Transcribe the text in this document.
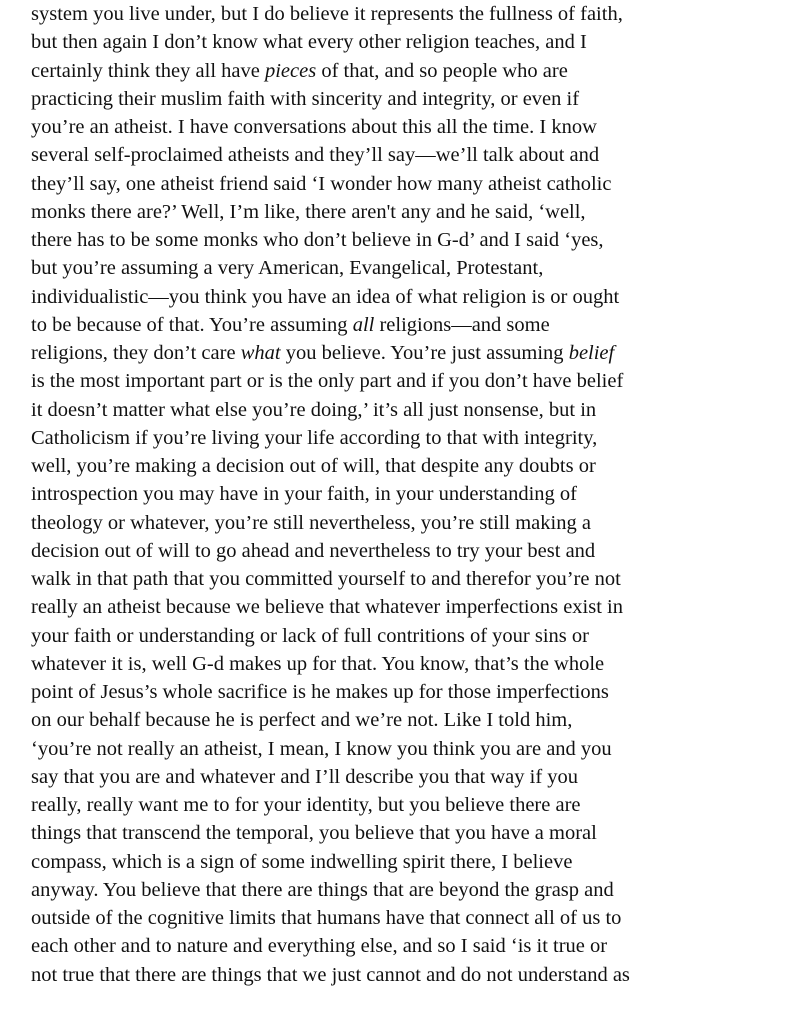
system you live under, but I do believe it represents the fullness of faith,
but then again I don’t know what every other religion teaches, and I
certainly think they all have pieces of that, and so people who are
practicing their muslim faith with sincerity and integrity, or even if
you’re an atheist. I have conversations about this all the time. I know
several self-proclaimed atheists and they’ll say—we’ll talk about and
they’ll say, one atheist friend said ‘I wonder how many atheist catholic
monks there are?’ Well, I’m like, there aren't any and he said, ‘well,
there has to be some monks who don’t believe in G-d’ and I said ‘yes,
but you’re assuming a very American, Evangelical, Protestant,
individualistic—you think you have an idea of what religion is or ought
to be because of that. You’re assuming all religions—and some
religions, they don’t care what you believe. You’re just assuming belief
is the most important part or is the only part and if you don’t have belief
it doesn’t matter what else you’re doing,’ it’s all just nonsense, but in
Catholicism if you’re living your life according to that with integrity,
well, you’re making a decision out of will, that despite any doubts or
introspection you may have in your faith, in your understanding of
theology or whatever, you’re still nevertheless, you’re still making a
decision out of will to go ahead and nevertheless to try your best and
walk in that path that you committed yourself to and therefor you’re not
really an atheist because we believe that whatever imperfections exist in
your faith or understanding or lack of full contritions of your sins or
whatever it is, well G-d makes up for that. You know, that’s the whole
point of Jesus’s whole sacrifice is he makes up for those imperfections
on our behalf because he is perfect and we’re not. Like I told him,
‘you’re not really an atheist, I mean, I know you think you are and you
say that you are and whatever and I’ll describe you that way if you
really, really want me to for your identity, but you believe there are
things that transcend the temporal, you believe that you have a moral
compass, which is a sign of some indwelling spirit there, I believe
anyway. You believe that there are things that are beyond the grasp and
outside of the cognitive limits that humans have that connect all of us to
each other and to nature and everything else, and so I said ‘is it true or
not true that there are things that we just cannot and do not understand as
